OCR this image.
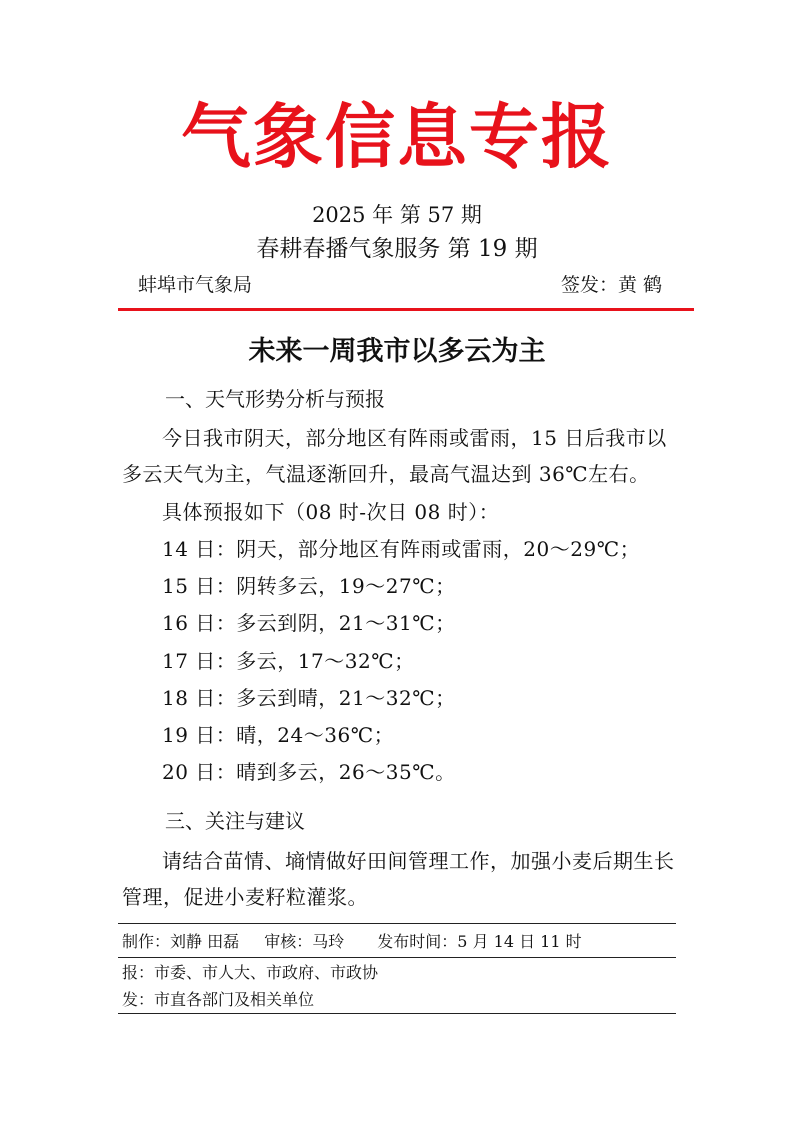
气象信息专报
2025 年 第 57 期
春耕春播气象服务 第 19 期
蚌埠市气象局	签发：黄 鹤
未来一周我市以多云为主
一、天气形势分析与预报
今日我市阴天，部分地区有阵雨或雷雨，15 日后我市以多云天气为主，气温逐渐回升，最高气温达到 36℃左右。
具体预报如下（08 时-次日 08 时）：
14 日：阴天，部分地区有阵雨或雷雨，20～29℃；
15 日：阴转多云，19～27℃；
16 日：多云到阴，21～31℃；
17 日：多云，17～32℃；
18 日：多云到晴，21～32℃；
19 日：晴，24～36℃；
20 日：晴到多云，26～35℃。
三、关注与建议
请结合苗情、墒情做好田间管理工作，加强小麦后期生长管理，促进小麦籽粒灌浆。
制作：刘静 田磊 审核：马玲 发布时间：5 月 14 日 11 时
报：市委、市人大、市政府、市政协
发：市直各部门及相关单位
